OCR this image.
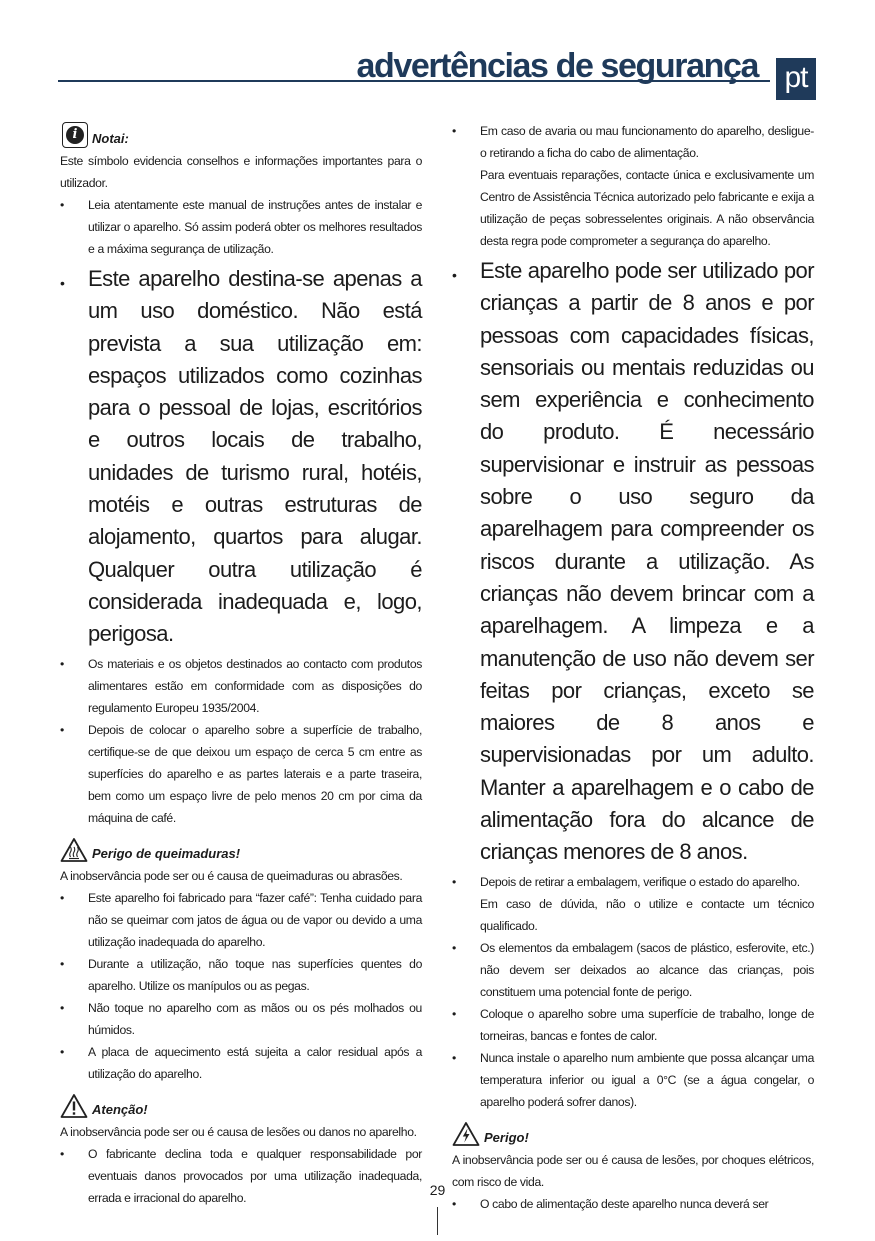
advertências de segurança pt
i	Notai:

Este símbolo evidencia conselhos e informações importantes para o utilizador.

• Leia atentamente este manual de instruções antes de instalar e utilizar o aparelho. Só assim poderá obter os melhores resultados e a máxima segurança de utilização.
• Este aparelho destina-se apenas a um uso doméstico. Não está prevista a sua utilização em: espaços utilizados como cozinhas para o pessoal de lojas, escritórios e outros locais de trabalho, unidades de turismo rural, hotéis, motéis e outras estruturas de alojamento, quartos para alugar. Qualquer outra utilização é considerada inadequada e, logo, perigosa.
• Os materiais e os objetos destinados ao contacto com produtos alimentares estão em conformidade com as disposições do regulamento Europeu 1935/2004.
• Depois de colocar o aparelho sobre a superfície de trabalho, certifique-se de que deixou um espaço de cerca 5 cm entre as superfícies do aparelho e as partes laterais e a parte traseira, bem como um espaço livre de pelo menos 20 cm por cima da máquina de café.
Perigo de queimaduras!

A inobservância pode ser ou é causa de queimaduras ou abrasões.

• Este aparelho foi fabricado para “fazer café”: Tenha cuidado para não se queimar com jatos de água ou de vapor ou devido a uma utilização inadequada do aparelho.
• Durante a utilização, não toque nas superfícies quentes do aparelho. Utilize os manípulos ou as pegas.
• Não toque no aparelho com as mãos ou os pés molhados ou húmidos.
• A placa de aquecimento está sujeita a calor residual após a utilização do aparelho.
Atenção!

A inobservância pode ser ou é causa de lesões ou danos no aparelho.

• O fabricante declina toda e qualquer responsabilidade por eventuais danos provocados por uma utilização inadequada, errada e irracional do aparelho.

• Em caso de avaria ou mau funcionamento do aparelho, desligue-o retirando a ficha do cabo de alimentação.

Para eventuais reparações, contacte única e exclusivamente um Centro de Assistência Técnica autorizado pelo fabricante e exija a utilização de peças sobresselentes originais. A não observância desta regra pode comprometer a segurança do aparelho.

• Este aparelho pode ser utilizado por crianças a partir de 8 anos e por pessoas com capacidades físicas, sensoriais ou mentais reduzidas ou sem experiência e conhecimento do produto. É necessário supervisionar e instruir as pessoas sobre o uso seguro da aparelhagem para compreender os riscos durante a utilização. As crianças não devem brincar com a aparelhagem. A limpeza e a manutenção de uso não devem ser feitas por crianças, exceto se maiores de 8 anos e supervisionadas por um adulto. Manter a aparelhagem e o cabo de alimentação fora do alcance de crianças menores de 8 anos.

• Depois de retirar a embalagem, verifique o estado do aparelho.

Em caso de dúvida, não o utilize e contacte um técnico qualificado.

• Os elementos da embalagem (sacos de plástico, esferovite, etc.) não devem ser deixados ao alcance das crianças, pois constituem uma potencial fonte de perigo.
• Coloque o aparelho sobre uma superfície de trabalho, longe de torneiras, bancas e fontes de calor.
• Nunca instale o aparelho num ambiente que possa alcançar uma temperatura inferior ou igual a 0°C (se a água congelar, o aparelho poderá sofrer danos).
Perigo!

A inobservância pode ser ou é causa de lesões, por choques elétricos, com risco de vida.

• O cabo de alimentação deste aparelho nunca deverá ser
29
